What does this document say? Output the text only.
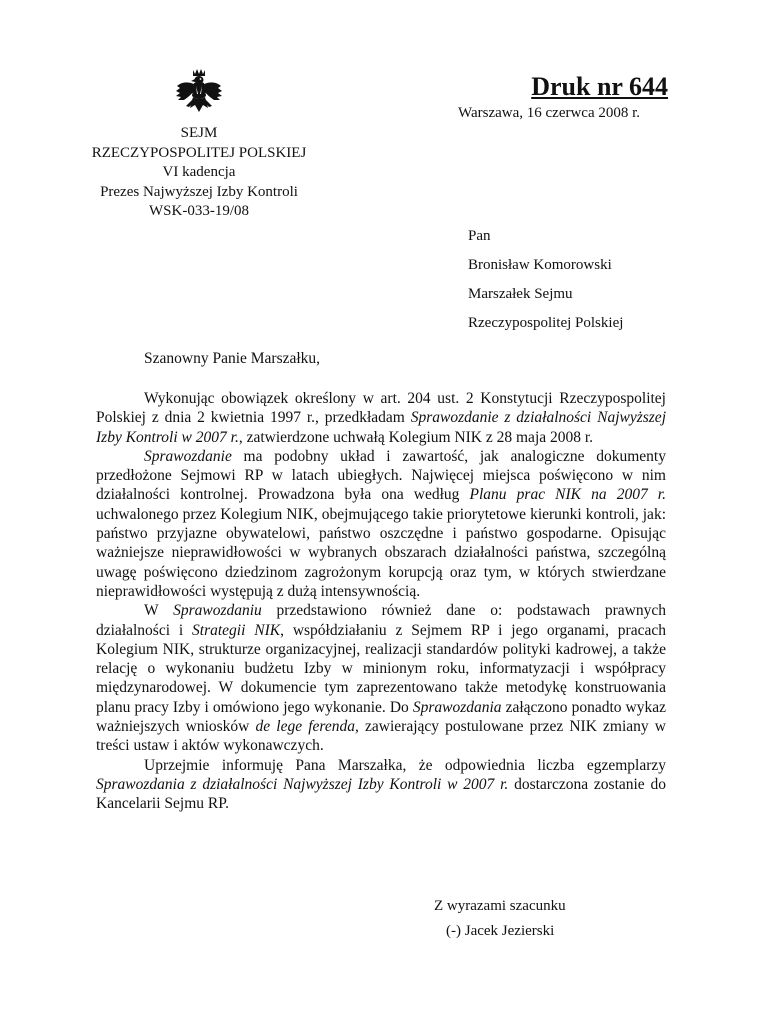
Druk nr 644
Warszawa, 16 czerwca 2008 r.
SEJM
RZECZYPOSPOLITEJ POLSKIEJ
VI kadencja
Prezes Najwyższej Izby Kontroli
WSK-033-19/08
Pan
Bronisław Komorowski
Marszałek Sejmu
Rzeczypospolitej Polskiej
Szanowny Panie Marszałku,

Wykonując obowiązek określony w art. 204 ust. 2 Konstytucji Rzeczypospolitej Polskiej z dnia 2 kwietnia 1997 r., przedkładam Sprawozdanie z działalności Najwyższej Izby Kontroli w 2007 r., zatwierdzone uchwałą Kolegium NIK z 28 maja 2008 r.

Sprawozdanie ma podobny układ i zawartość, jak analogiczne dokumenty przedłożone Sejmowi RP w latach ubiegłych. Najwięcej miejsca poświęcono w nim działalności kontrolnej. Prowadzona była ona według Planu prac NIK na 2007 r. uchwalonego przez Kolegium NIK, obejmującego takie priorytetowe kierunki kontroli, jak: państwo przyjazne obywatelowi, państwo oszczędne i państwo gospodarne. Opisując ważniejsze nieprawidłowości w wybranych obszarach działalności państwa, szczególną uwagę poświęcono dziedzinom zagrożonym korupcją oraz tym, w których stwierdzane nieprawidłowości występują z dużą intensywnością.

W Sprawozdaniu przedstawiono również dane o: podstawach prawnych działalności i Strategii NIK, współdziałaniu z Sejmem RP i jego organami, pracach Kolegium NIK, strukturze organizacyjnej, realizacji standardów polityki kadrowej, a także relację o wykonaniu budżetu Izby w minionym roku, informatyzacji i współpracy międzynarodowej. W dokumencie tym zaprezentowano także metodykę konstruowania planu pracy Izby i omówiono jego wykonanie. Do Sprawozdania załączono ponadto wykaz ważniejszych wniosków de lege ferenda, zawierający postulowane przez NIK zmiany w treści ustaw i aktów wykonawczych.

Uprzejmie informuję Pana Marszałka, że odpowiednia liczba egzemplarzy Sprawozdania z działalności Najwyższej Izby Kontroli w 2007 r. dostarczona zostanie do Kancelarii Sejmu RP.

Z wyrazami szacunku
(-) Jacek Jezierski
